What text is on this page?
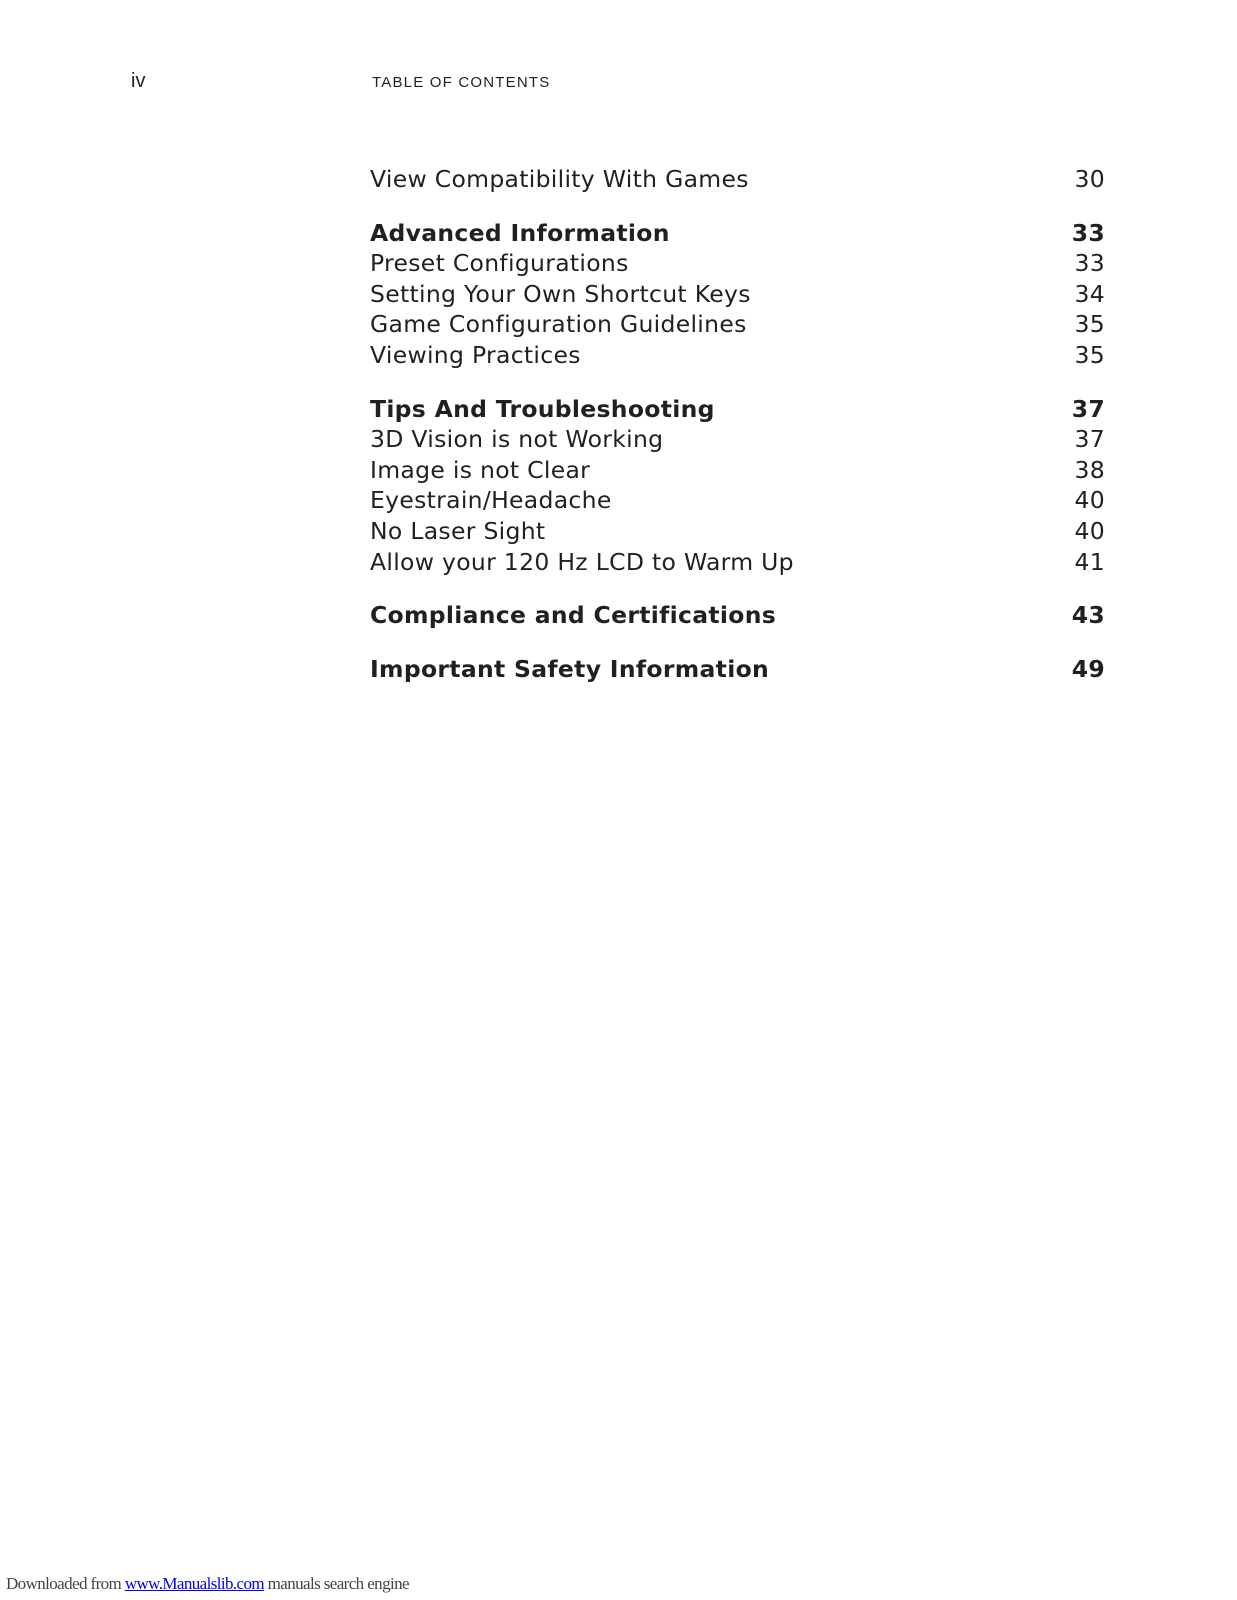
iv	TABLE OF CONTENTS
View Compatibility With Games	30
Advanced Information	33
Preset Configurations	33
Setting Your Own Shortcut Keys	34
Game Configuration Guidelines	35
Viewing Practices	35
Tips And Troubleshooting	37
3D Vision is not Working	37
Image is not Clear	38
Eyestrain/Headache	40
No Laser Sight	40
Allow your 120 Hz LCD to Warm Up	41
Compliance and Certifications	43
Important Safety Information	49
Downloaded from www.Manualslib.com manuals search engine
